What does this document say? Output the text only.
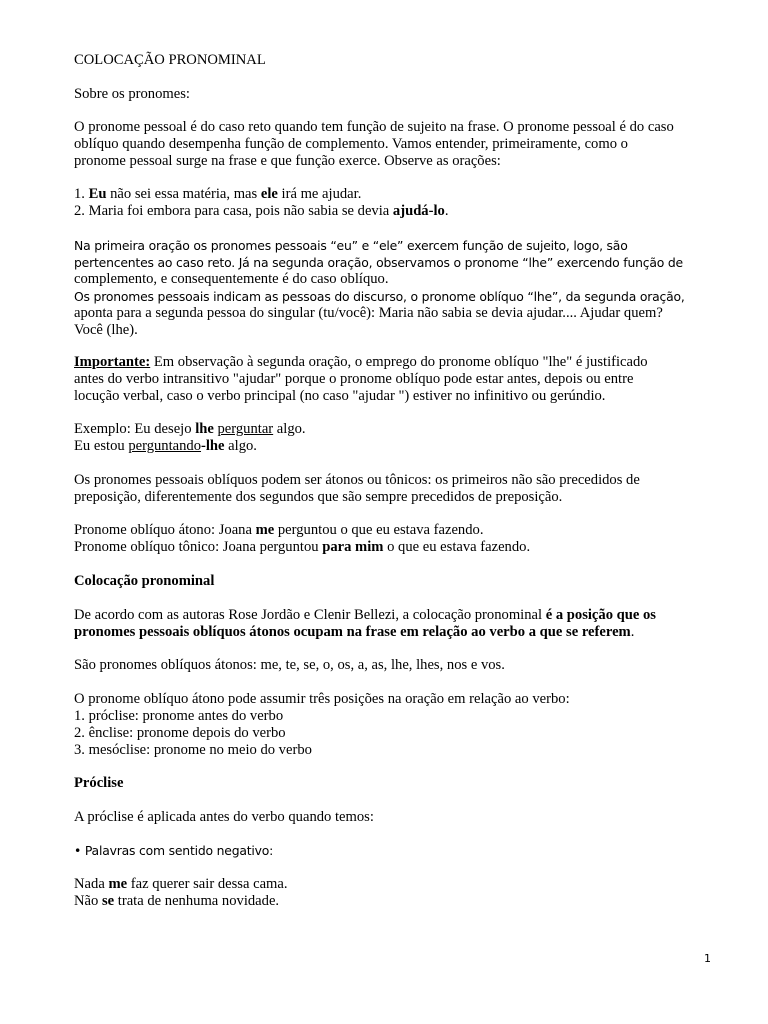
COLOCAÇÃO PRONOMINAL
Sobre os pronomes:
O pronome pessoal é do caso reto quando tem função de sujeito na frase. O pronome pessoal é do caso
oblíquo quando desempenha função de complemento. Vamos entender, primeiramente, como o
pronome pessoal surge na frase e que função exerce. Observe as orações:
1. Eu não sei essa matéria, mas ele irá me ajudar.
2. Maria foi embora para casa, pois não sabia se devia ajudá-lo.
Na primeira oração os pronomes pessoais “eu” e “ele” exercem função de sujeito, logo, são
pertencentes ao caso reto. Já na segunda oração, observamos o pronome “lhe” exercendo função de
complemento, e consequentemente é do caso oblíquo.
Os pronomes pessoais indicam as pessoas do discurso, o pronome oblíquo “lhe”, da segunda oração,
aponta para a segunda pessoa do singular (tu/você): Maria não sabia se devia ajudar.... Ajudar quem?
Você (lhe).
Importante: Em observação à segunda oração, o emprego do pronome oblíquo "lhe" é justificado
antes do verbo intransitivo "ajudar" porque o pronome oblíquo pode estar antes, depois ou entre
locução verbal, caso o verbo principal (no caso "ajudar ") estiver no infinitivo ou gerúndio.
Exemplo: Eu desejo lhe perguntar algo.
Eu estou perguntando-lhe algo.
Os pronomes pessoais oblíquos podem ser átonos ou tônicos: os primeiros não são precedidos de
preposição, diferentemente dos segundos que são sempre precedidos de preposição.
Pronome oblíquo átono: Joana me perguntou o que eu estava fazendo.
Pronome oblíquo tônico: Joana perguntou para mim o que eu estava fazendo.
Colocação pronominal
De acordo com as autoras Rose Jordão e Clenir Bellezi, a colocação pronominal é a posição que os
pronomes pessoais oblíquos átonos ocupam na frase em relação ao verbo a que se referem.
São pronomes oblíquos átonos: me, te, se, o, os, a, as, lhe, lhes, nos e vos.
O pronome oblíquo átono pode assumir três posições na oração em relação ao verbo:
1. próclise: pronome antes do verbo
2. ênclise: pronome depois do verbo
3. mesóclise: pronome no meio do verbo
Próclise
A próclise é aplicada antes do verbo quando temos:
• Palavras com sentido negativo:
Nada me faz querer sair dessa cama.
Não se trata de nenhuma novidade.
1
